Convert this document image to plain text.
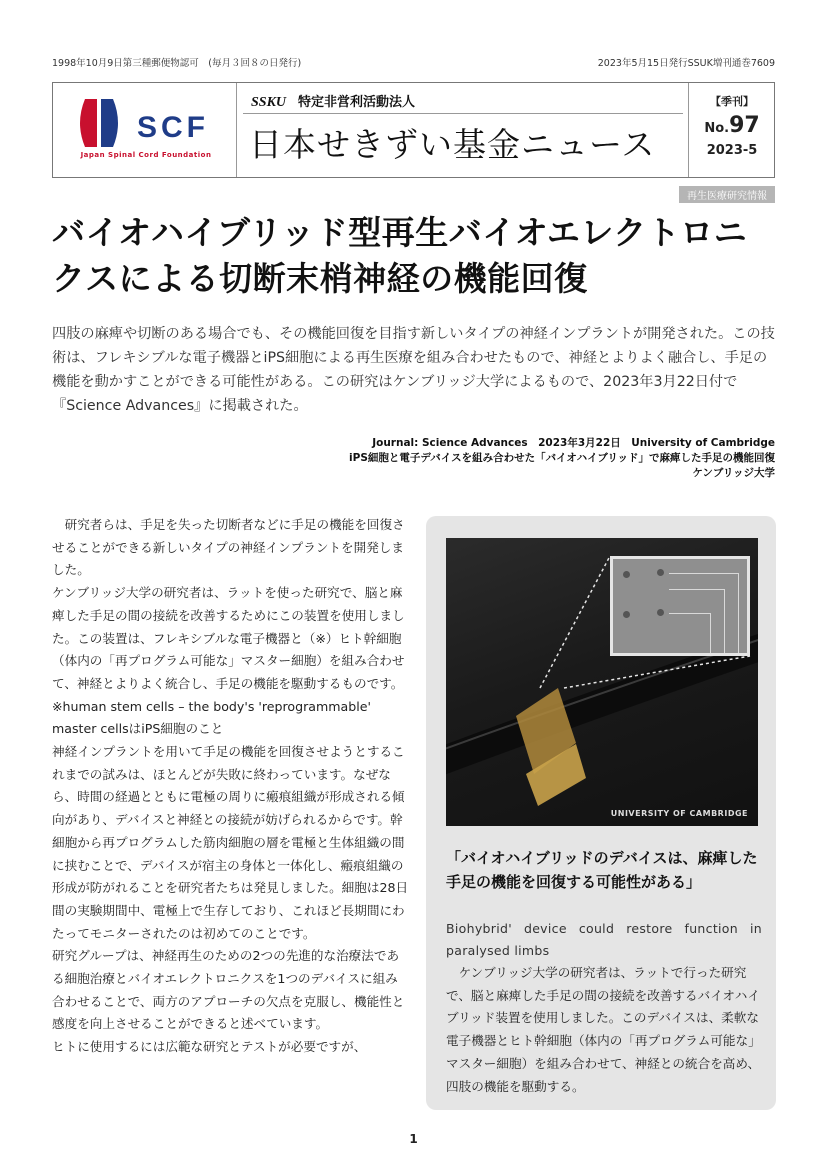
1998年10月9日第三種郵便物認可　(毎月３回８の日発行)	2023年5月15日発行SSUK増刊通巻7609
SCF
Japan Spinal Cord Foundation
SSKU 特定非営利活動法人
日本せきずい基金ニュース
【季刊】
No.97
2023-5
再生医療研究情報
バイオハイブリッド型再生バイオエレクトロニ
クスによる切断末梢神経の機能回復

四肢の麻痺や切断のある場合でも、その機能回復を目指す新しいタイプの神経インプラントが開発された。この技術は、フレキシブルな電子機器とiPS細胞による再生医療を組み合わせたもので、神経とよりよく融合し、手足の機能を動かすことができる可能性がある。この研究はケンブリッジ大学によるもので、2023年3月22日付で『Science Advances』に掲載された。

Journal: Science Advances　2023年3月22日　University of Cambridge
iPS細胞と電子デバイスを組み合わせた「バイオハイブリッド」で麻痺した手足の機能回復
ケンブリッジ大学

研究者らは、手足を失った切断者などに手足の機能を回復させることができる新しいタイプの神経インプラントを開発しました。

ケンブリッジ大学の研究者は、ラットを使った研究で、脳と麻痺した手足の間の接続を改善するためにこの装置を使用しました。この装置は、フレキシブルな電子機器と（※）ヒト幹細胞（体内の「再プログラム可能な」マスター細胞）を組み合わせて、神経とよりよく統合し、手足の機能を駆動するものです。

※human stem cells – the body's 'reprogrammable' master cellsはiPS細胞のこと

神経インプラントを用いて手足の機能を回復させようとするこれまでの試みは、ほとんどが失敗に終わっています。なぜなら、時間の経過とともに電極の周りに瘢痕組織が形成される傾向があり、デバイスと神経との接続が妨げられるからです。幹細胞から再プログラムした筋肉細胞の層を電極と生体組織の間に挟むことで、デバイスが宿主の身体と一体化し、瘢痕組織の形成が防がれることを研究者たちは発見しました。細胞は28日間の実験期間中、電極上で生存しており、これほど長期間にわたってモニターされたのは初めてのことです。

研究グループは、神経再生のための2つの先進的な治療法である細胞治療とバイオエレクトロニクスを1つのデバイスに組み合わせることで、両方のアプローチの欠点を克服し、機能性と感度を向上させることができると述べています。

ヒトに使用するには広範な研究とテストが必要ですが、

UNIVERSITY OF CAMBRIDGE
「バイオハイブリッドのデバイスは、麻痺した手足の機能を回復する可能性がある」
Biohybrid' device could restore function in paralysed limbs
ケンブリッジ大学の研究者は、ラットで行った研究で、脳と麻痺した手足の間の接続を改善するバイオハイブリッド装置を使用しました。このデバイスは、柔軟な電子機器とヒト幹細胞（体内の「再プログラム可能な」マスター細胞）を組み合わせて、神経との統合を高め、四肢の機能を駆動する。
1
